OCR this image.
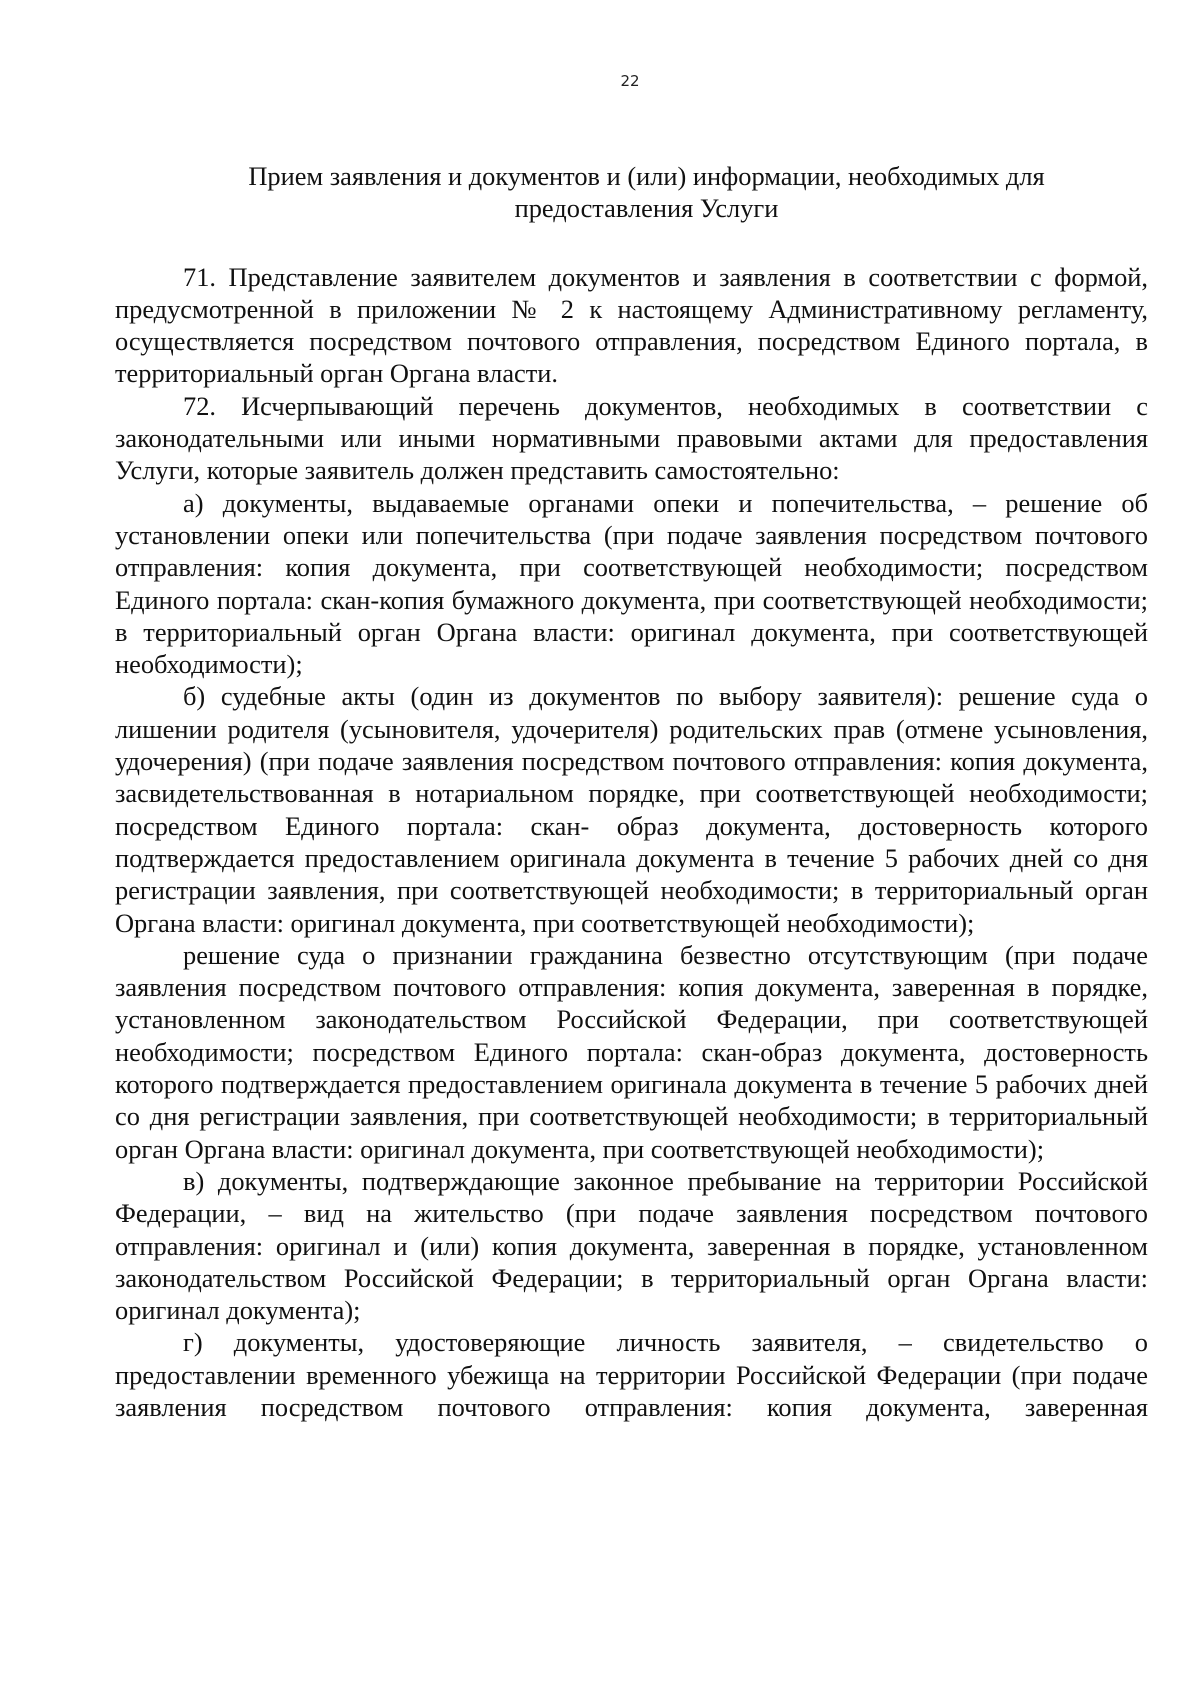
22
Прием заявления и документов и (или) информации, необходимых для
предоставления Услуги

71. Представление заявителем документов и заявления в соответствии с формой, предусмотренной в приложении № 2 к настоящему Административному регламенту, осуществляется посредством почтового отправления, посредством Единого портала, в территориальный орган Органа власти.

72. Исчерпывающий перечень документов, необходимых в соответствии с законодательными или иными нормативными правовыми актами для предоставления Услуги, которые заявитель должен представить самостоятельно:

а) документы, выдаваемые органами опеки и попечительства, – решение об установлении опеки или попечительства (при подаче заявления посредством почтового отправления: копия документа, при соответствующей необходимости; посредством Единого портала: скан-копия бумажного документа, при соответствующей необходимости; в территориальный орган Органа власти: оригинал документа, при соответствующей необходимости);

б) судебные акты (один из документов по выбору заявителя): решение суда о лишении родителя (усыновителя, удочерителя) родительских прав (отмене усыновления, удочерения) (при подаче заявления посредством почтового отправления: копия документа, засвидетельствованная в нотариальном порядке, при соответствующей необходимости; посредством Единого портала: скан- образ документа, достоверность которого подтверждается предоставлением оригинала документа в течение 5 рабочих дней со дня регистрации заявления, при соответствующей необходимости; в территориальный орган Органа власти: оригинал документа, при соответствующей необходимости);

решение суда о признании гражданина безвестно отсутствующим (при подаче заявления посредством почтового отправления: копия документа, заверенная в порядке, установленном законодательством Российской Федерации, при соответствующей необходимости; посредством Единого портала: скан-образ документа, достоверность которого подтверждается предоставлением оригинала документа в течение 5 рабочих дней со дня регистрации заявления, при соответствующей необходимости; в территориальный орган Органа власти: оригинал документа, при соответствующей необходимости);

в) документы, подтверждающие законное пребывание на территории Российской Федерации, – вид на жительство (при подаче заявления посредством почтового отправления: оригинал и (или) копия документа, заверенная в порядке, установленном законодательством Российской Федерации; в территориальный орган Органа власти: оригинал документа);

г) документы, удостоверяющие личность заявителя, – свидетельство о предоставлении временного убежища на территории Российской Федерации (при подаче заявления посредством почтового отправления: копия документа, заверенная
